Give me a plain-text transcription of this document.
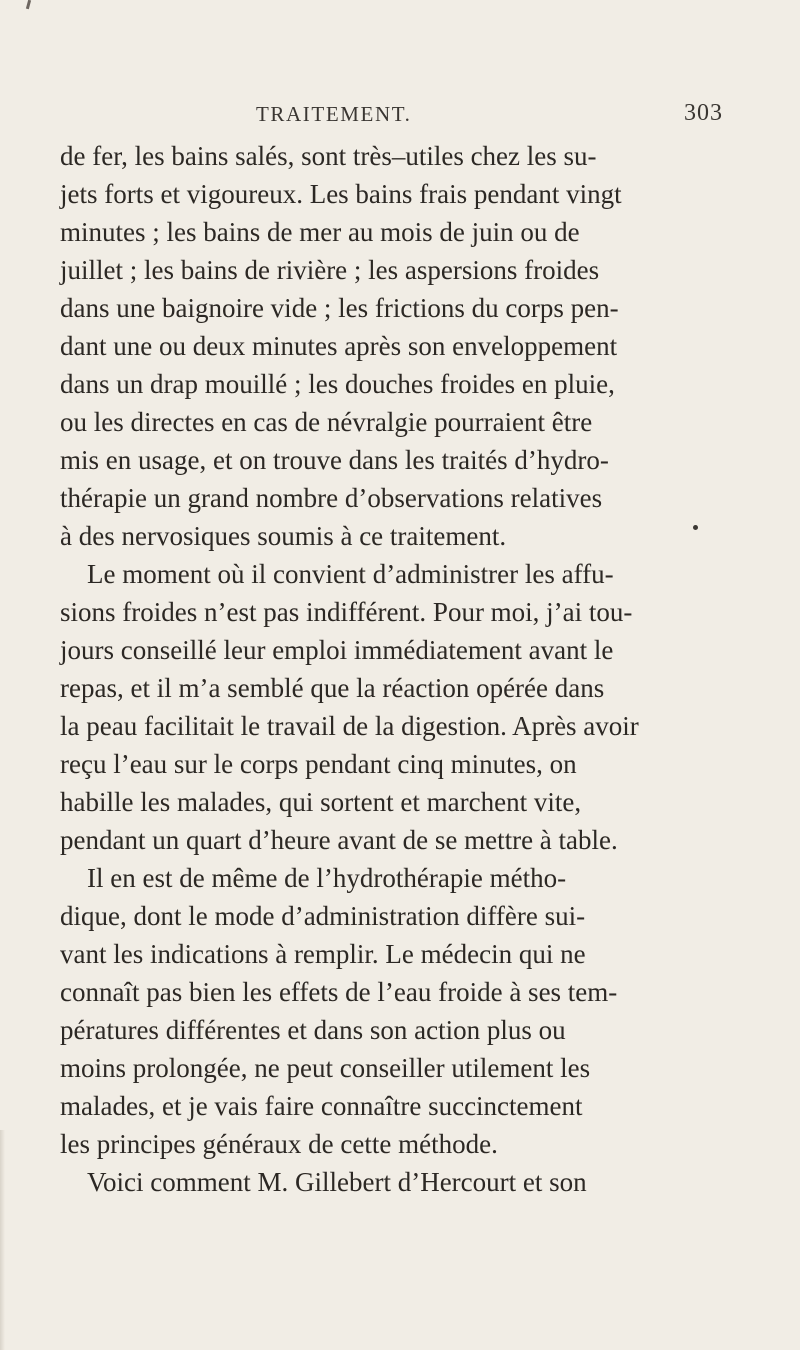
TRAITEMENT.	303
de fer, les bains salés, sont très–utiles chez les su-
jets forts et vigoureux. Les bains frais pendant vingt
minutes ; les bains de mer au mois de juin ou de
juillet ; les bains de rivière ; les aspersions froides
dans une baignoire vide ; les frictions du corps pen-
dant une ou deux minutes après son enveloppement
dans un drap mouillé ; les douches froides en pluie,
ou les directes en cas de névralgie pourraient être
mis en usage, et on trouve dans les traités d’hydro-
thérapie un grand nombre d’observations relatives
à des nervosiques soumis à ce traitement.
Le moment où il convient d’administrer les affu-
sions froides n’est pas indifférent. Pour moi, j’ai tou-
jours conseillé leur emploi immédiatement avant le
repas, et il m’a semblé que la réaction opérée dans
la peau facilitait le travail de la digestion. Après avoir
reçu l’eau sur le corps pendant cinq minutes, on
habille les malades, qui sortent et marchent vite,
pendant un quart d’heure avant de se mettre à table.
Il en est de même de l’hydrothérapie métho-
dique, dont le mode d’administration diffère sui-
vant les indications à remplir. Le médecin qui ne
connaît pas bien les effets de l’eau froide à ses tem-
pératures différentes et dans son action plus ou
moins prolongée, ne peut conseiller utilement les
malades, et je vais faire connaître succinctement
les principes généraux de cette méthode.
Voici comment M. Gillebert d’Hercourt et son
